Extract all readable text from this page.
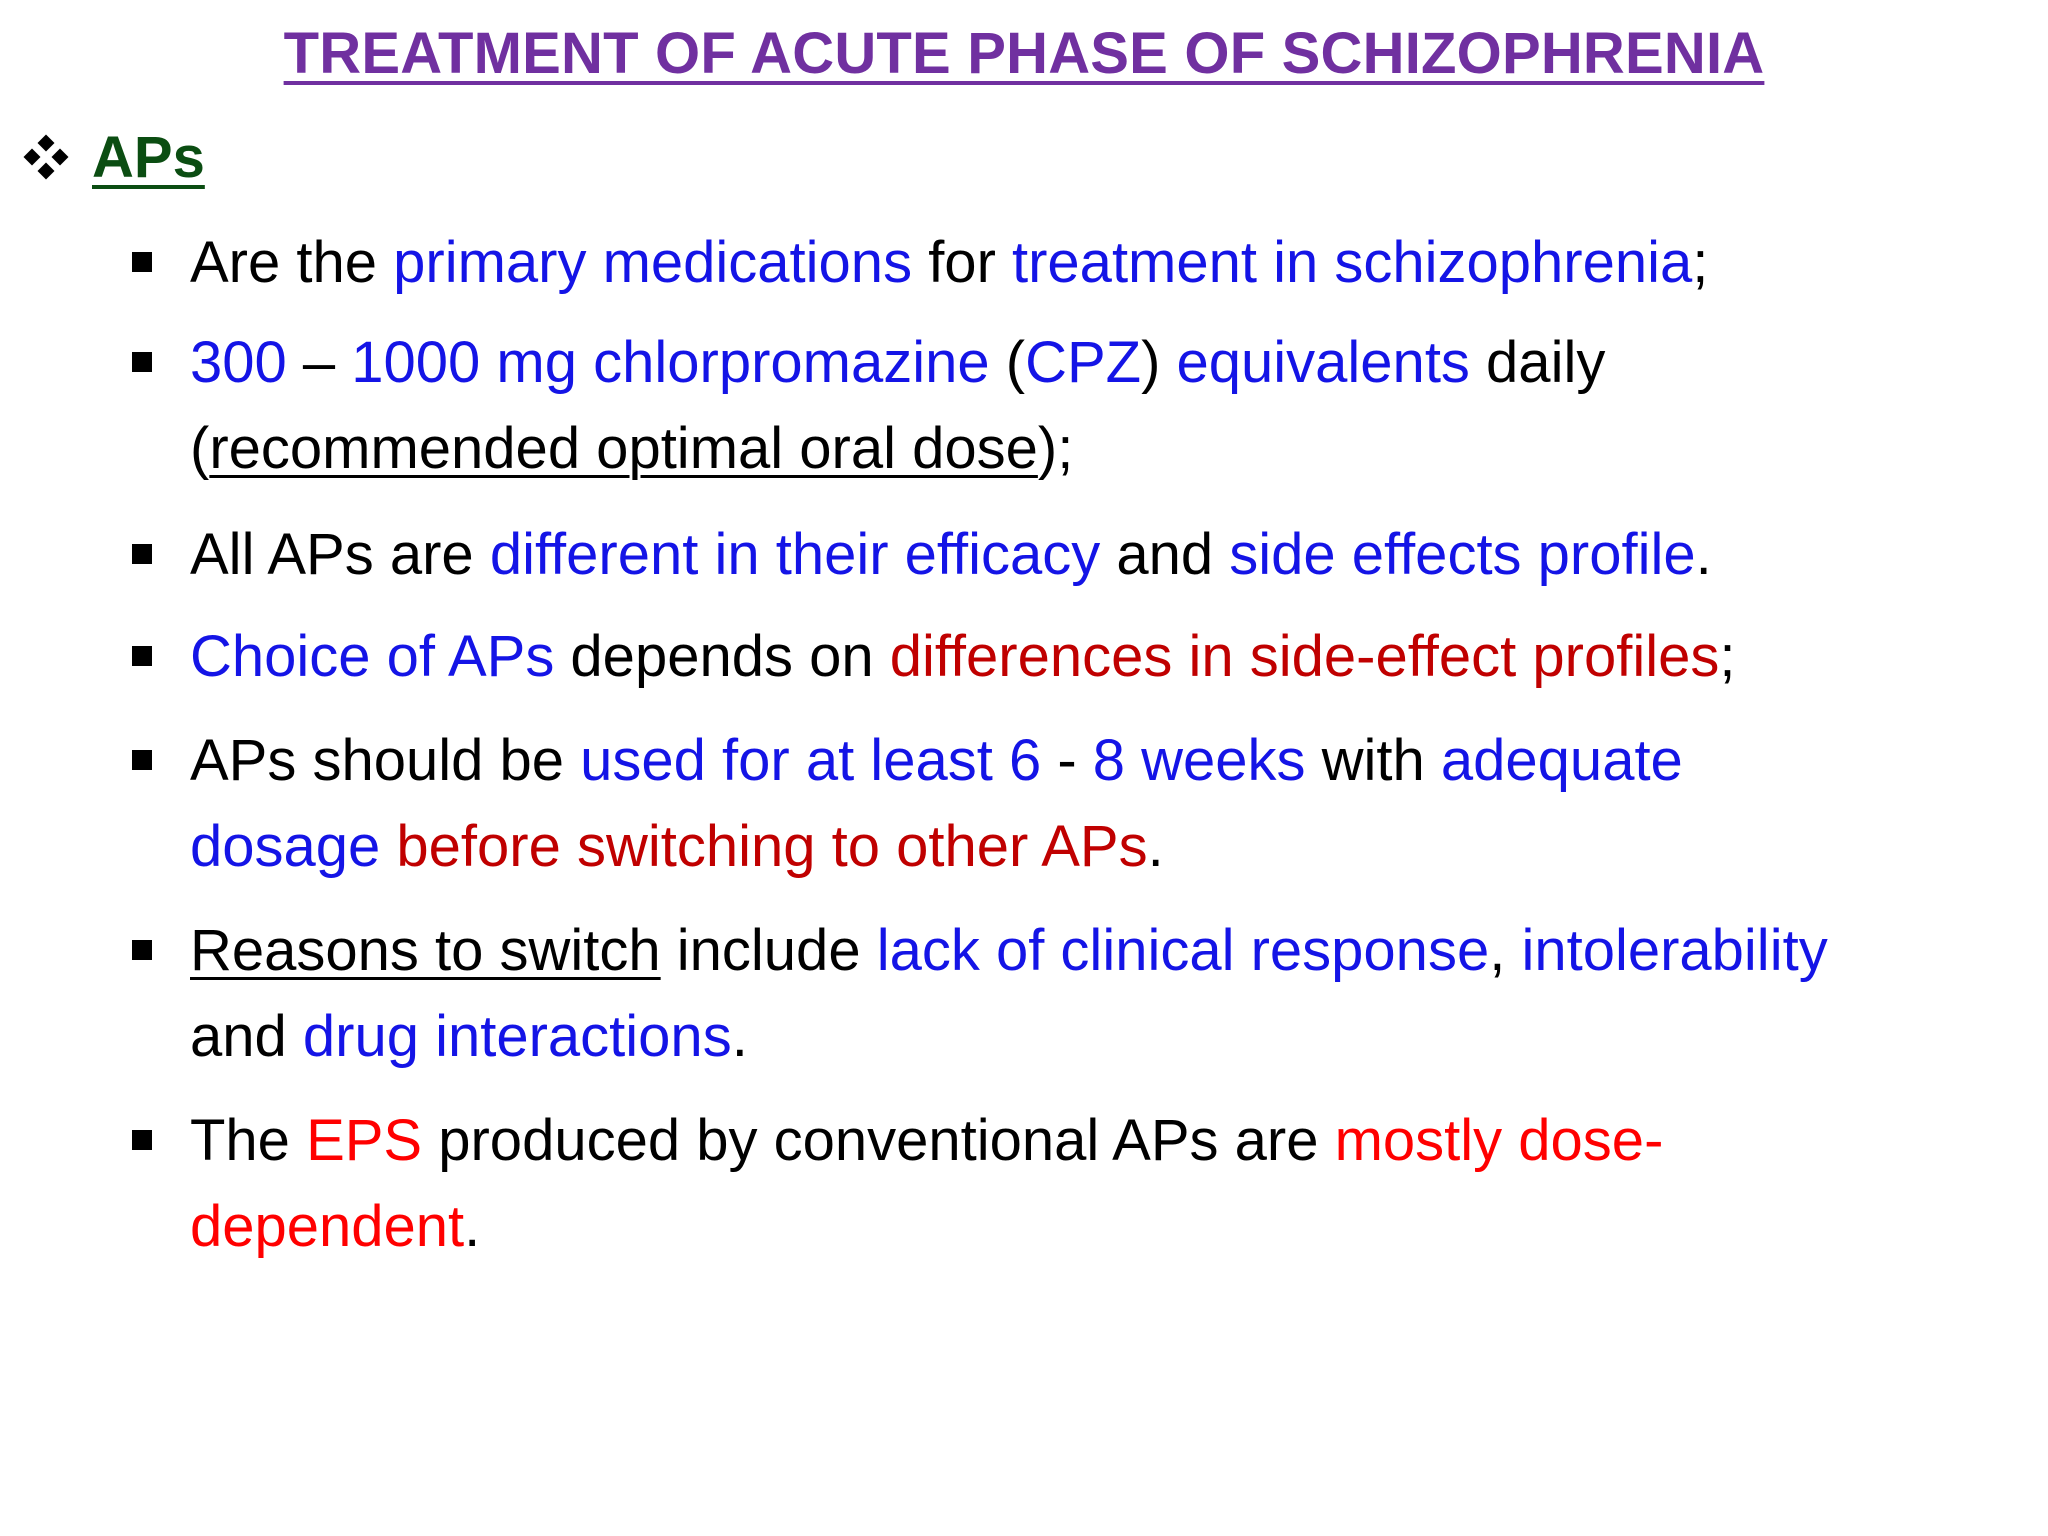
TREATMENT OF ACUTE PHASE OF SCHIZOPHRENIA
APs
Are the primary medications for treatment in schizophrenia;
300 – 1000 mg chlorpromazine (CPZ) equivalents daily
(recommended optimal oral dose);
All APs are different in their efficacy and side effects profile.
Choice of APs depends on differences in side-effect profiles;
APs should be used for at least 6 - 8 weeks with adequate
dosage before switching to other APs.
Reasons to switch include lack of clinical response, intolerability
and drug interactions.
The EPS produced by conventional APs are mostly dose-
dependent.
